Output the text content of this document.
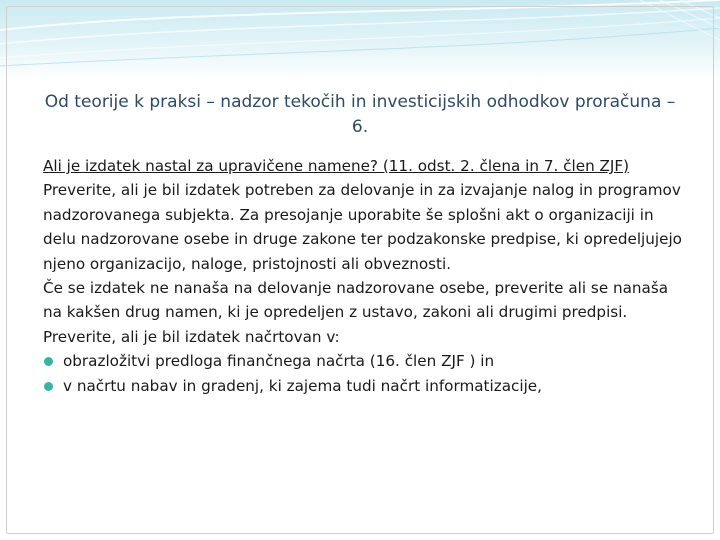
Od teorije k praksi – nadzor tekočih in investicijskih odhodkov proračuna – 6.

Ali je izdatek nastal za upravičene namene? (11. odst. 2. člena in 7. člen ZJF)

Preverite, ali je bil izdatek potreben za delovanje in za izvajanje nalog in programov nadzorovanega subjekta. Za presojanje uporabite še splošni akt o organizaciji in delu nadzorovane osebe in druge zakone ter podzakonske predpise, ki opredeljujejo njeno organizacijo, naloge, pristojnosti ali obveznosti.

Če se izdatek ne nanaša na delovanje nadzorovane osebe, preverite ali se nanaša na kakšen drug namen, ki je opredeljen z ustavo, zakoni ali drugimi predpisi.

Preverite, ali je bil izdatek načrtovan v:

obrazložitvi predloga finančnega načrta (16. člen ZJF ) in
v načrtu nabav in gradenj, ki zajema tudi načrt informatizacije,
